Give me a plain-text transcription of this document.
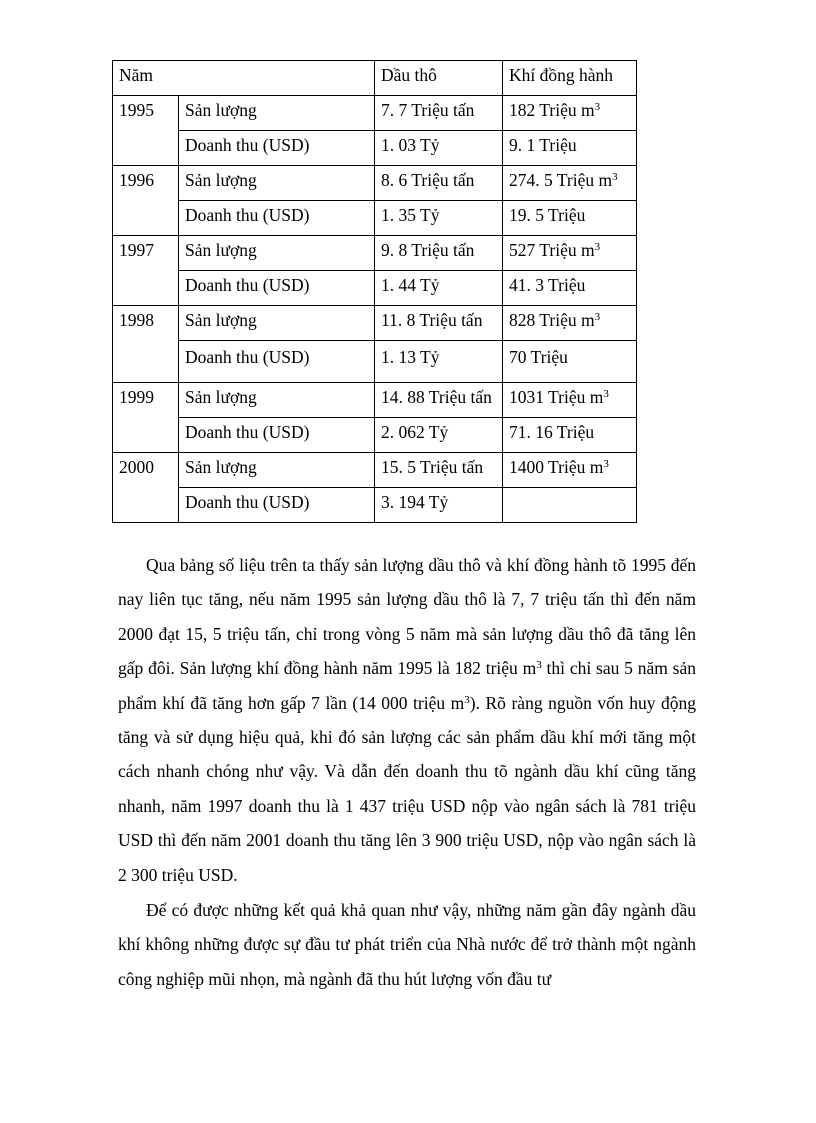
Năm		Dầu thô	Khí đồng hành
1995	Sản lượng	7. 7 Triệu tấn	182 Triệu $m^3$
	Doanh thu (USD)	1. 03 Tỷ	9. 1 Triệu
1996	Sản lượng	8. 6 Triệu tấn	274. 5 Triệu $m^3$
	Doanh thu (USD)	1. 35 Tỷ	19. 5 Triệu
1997	Sản lượng	9. 8 Triệu tấn	527 Triệu $m^3$
	Doanh thu (USD)	1. 44 Tỷ	41. 3 Triệu
1998	Sản lượng	11. 8 Triệu tấn	828 Triệu $m^3$
	Doanh thu (USD)	1. 13 Tỷ	70 Triệu
1999	Sản lượng	14. 88 Triệu tấn	1031 Triệu $m^3$
	Doanh thu (USD)	2. 062 Tỷ	71. 16 Triệu
2000	Sản lượng	15. 5 Triệu tấn	1400 Triệu $m^3$
	Doanh thu (USD)	3. 194 Tỷ	

Qua bảng số liệu trên ta thấy sản lượng dầu thô và khí đồng hành tõ 1995 đến nay liên tục tăng, nếu năm 1995 sản lượng dầu thô là 7, 7 triệu tấn thì đến năm 2000 đạt 15, 5 triệu tấn, chỉ trong vòng 5 năm mà sản lượng dầu thô đã tăng lên gấp đôi. Sản lượng khí đồng hành năm 1995 là 182 triệu $m^3$ thì chỉ sau 5 năm sản phẩm khí đã tăng hơn gấp 7 lần (14 000 triệu $m^3$). Rõ ràng nguồn vốn huy động tăng và sử dụng hiệu quả, khi đó sản lượng các sản phẩm dầu khí mới tăng một cách nhanh chóng như vậy. Và dẫn đến doanh thu tõ ngành dầu khí cũng tăng nhanh, năm 1997 doanh thu là 1 437 triệu USD nộp vào ngân sách là 781 triệu USD thì đến năm 2001 doanh thu tăng lên 3 900 triệu USD, nộp vào ngân sách là 2 300 triệu USD.

Để có được những kết quả khả quan như vậy, những năm gần đây ngành dầu khí không những được sự đầu tư phát triển của Nhà nước để trở thành một ngành công nghiệp mũi nhọn, mà ngành đã thu hút lượng vốn đầu tư
